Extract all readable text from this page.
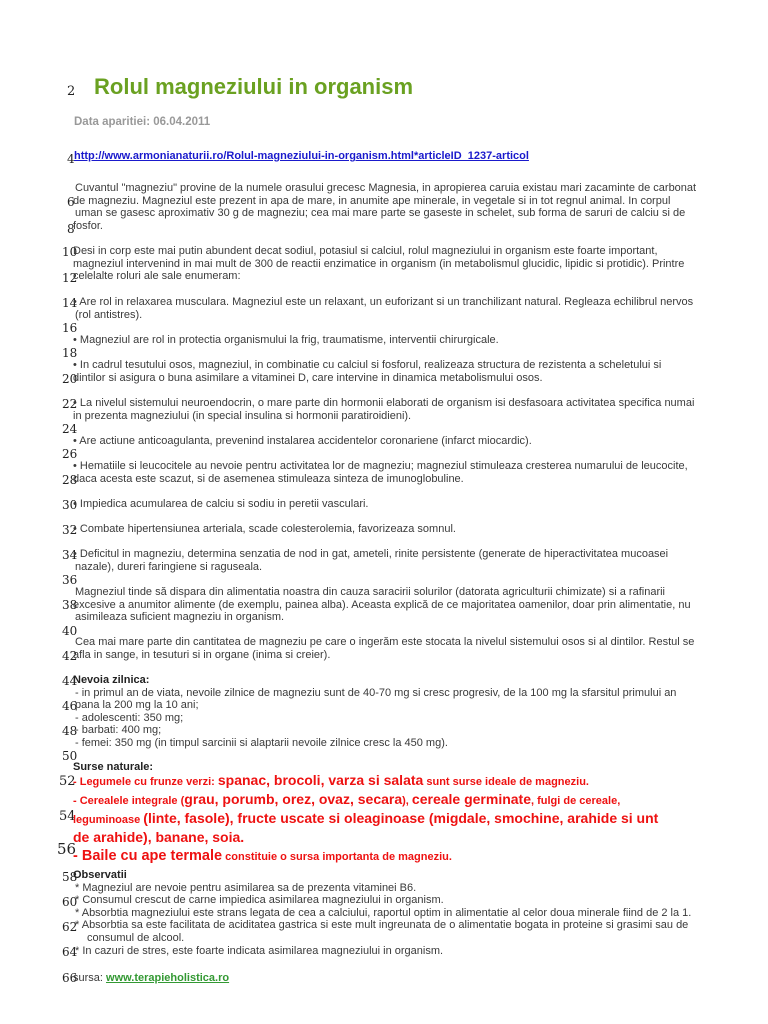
2
4
6
8
10
12
14
16
18
20
22
24
26
28
30
32
34
36
38
40
42
44
46
48
50
52
54
56
58
60
62
64
66
Rolul magneziului in organism
Data aparitiei: 06.04.2011
http://www.armonianaturii.ro/Rolul-magneziului-in-organism.html*articleID_1237-articol
Cuvantul "magneziu" provine de la numele orasului grecesc Magnesia, in apropierea caruia existau mari zacaminte de carbonat
de magneziu. Magneziul este prezent in apa de mare, in anumite ape minerale, in vegetale si in tot regnul animal. In corpul
uman se gasesc aproximativ 30 g de magneziu; cea mai mare parte se gaseste in schelet, sub forma de saruri de calciu si de
fosfor.
Desi in corp este mai putin abundent decat sodiul, potasiul si calciul, rolul magneziului in organism este foarte important,
magneziul intervenind in mai mult de 300 de reactii enzimatice in organism (in metabolismul glucidic, lipidic si protidic). Printre
celelalte roluri ale sale enumeram:
• Are rol in relaxarea musculara. Magneziul este un relaxant, un euforizant si un tranchilizant natural. Regleaza echilibrul nervos
(rol antistres).
• Magneziul are rol in protectia organismului la frig, traumatisme, interventii chirurgicale.
• In cadrul tesutului osos, magneziul, in combinatie cu calciul si fosforul, realizeaza structura de rezistenta a scheletului si
dintilor si asigura o buna asimilare a vitaminei D, care intervine in dinamica metabolismului osos.
• La nivelul sistemului neuroendocrin, o mare parte din hormonii elaborati de organism isi desfasoara activitatea specifica numai
in prezenta magneziului (in special insulina si hormonii paratiroidieni).
• Are actiune anticoagulanta, prevenind instalarea accidentelor coronariene (infarct miocardic).
• Hematiile si leucocitele au nevoie pentru activitatea lor de magneziu; magneziul stimuleaza cresterea numarului de leucocite,
daca acesta este scazut, si de asemenea stimuleaza sinteza de imunoglobuline.
• Impiedica acumularea de calciu si sodiu in peretii vasculari.
• Combate hipertensiunea arteriala, scade colesterolemia, favorizeaza somnul.
• Deficitul in magneziu, determina senzatia de nod in gat, ameteli, rinite persistente (generate de hiperactivitatea mucoasei
nazale), dureri faringiene si raguseala.
Magneziul tinde să dispara din alimentatia noastra din cauza saracirii solurilor (datorata agriculturii chimizate) si a rafinarii
excesive a anumitor alimente (de exemplu, painea alba). Aceasta explică de ce majoritatea oamenilor, doar prin alimentatie, nu
asimileaza suficient magneziu in organism.
Cea mai mare parte din cantitatea de magneziu pe care o ingerăm este stocata la nivelul sistemului osos si al dintilor. Restul se
afla in sange, in tesuturi si in organe (inima si creier).
Nevoia zilnica:
- in primul an de viata, nevoile zilnice de magneziu sunt de 40-70 mg si cresc progresiv, de la 100 mg la sfarsitul primului an
pana la 200 mg la 10 ani;
- adolescenti: 350 mg;
- barbati: 400 mg;
- femei: 350 mg (in timpul sarcinii si alaptarii nevoile zilnice cresc la 450 mg).
Surse naturale:
- Legumele cu frunze verzi: spanac, brocoli, varza si salata sunt surse ideale de magneziu.
- Cerealele integrale (grau, porumb, orez, ovaz, secara), cereale germinate, fulgi de cereale,
leguminoase (linte, fasole), fructe uscate si oleaginoase (migdale, smochine, arahide si unt
de arahide), banane, soia.
- Baile cu ape termale constituie o sursa importanta de magneziu.
Observatii
* Magneziul are nevoie pentru asimilarea sa de prezenta vitaminei B6.
* Consumul crescut de carne impiedica asimilarea magneziului in organism.
* Absorbtia magneziului este strans legata de cea a calciului, raportul optim in alimentatie al celor doua minerale fiind de 2 la 1.
* Absorbtia sa este facilitata de aciditatea gastrica si este mult ingreunata de o alimentatie bogata in proteine si grasimi sau de
consumul de alcool.
* In cazuri de stres, este foarte indicata asimilarea magneziului in organism.
sursa: www.terapieholistica.ro
